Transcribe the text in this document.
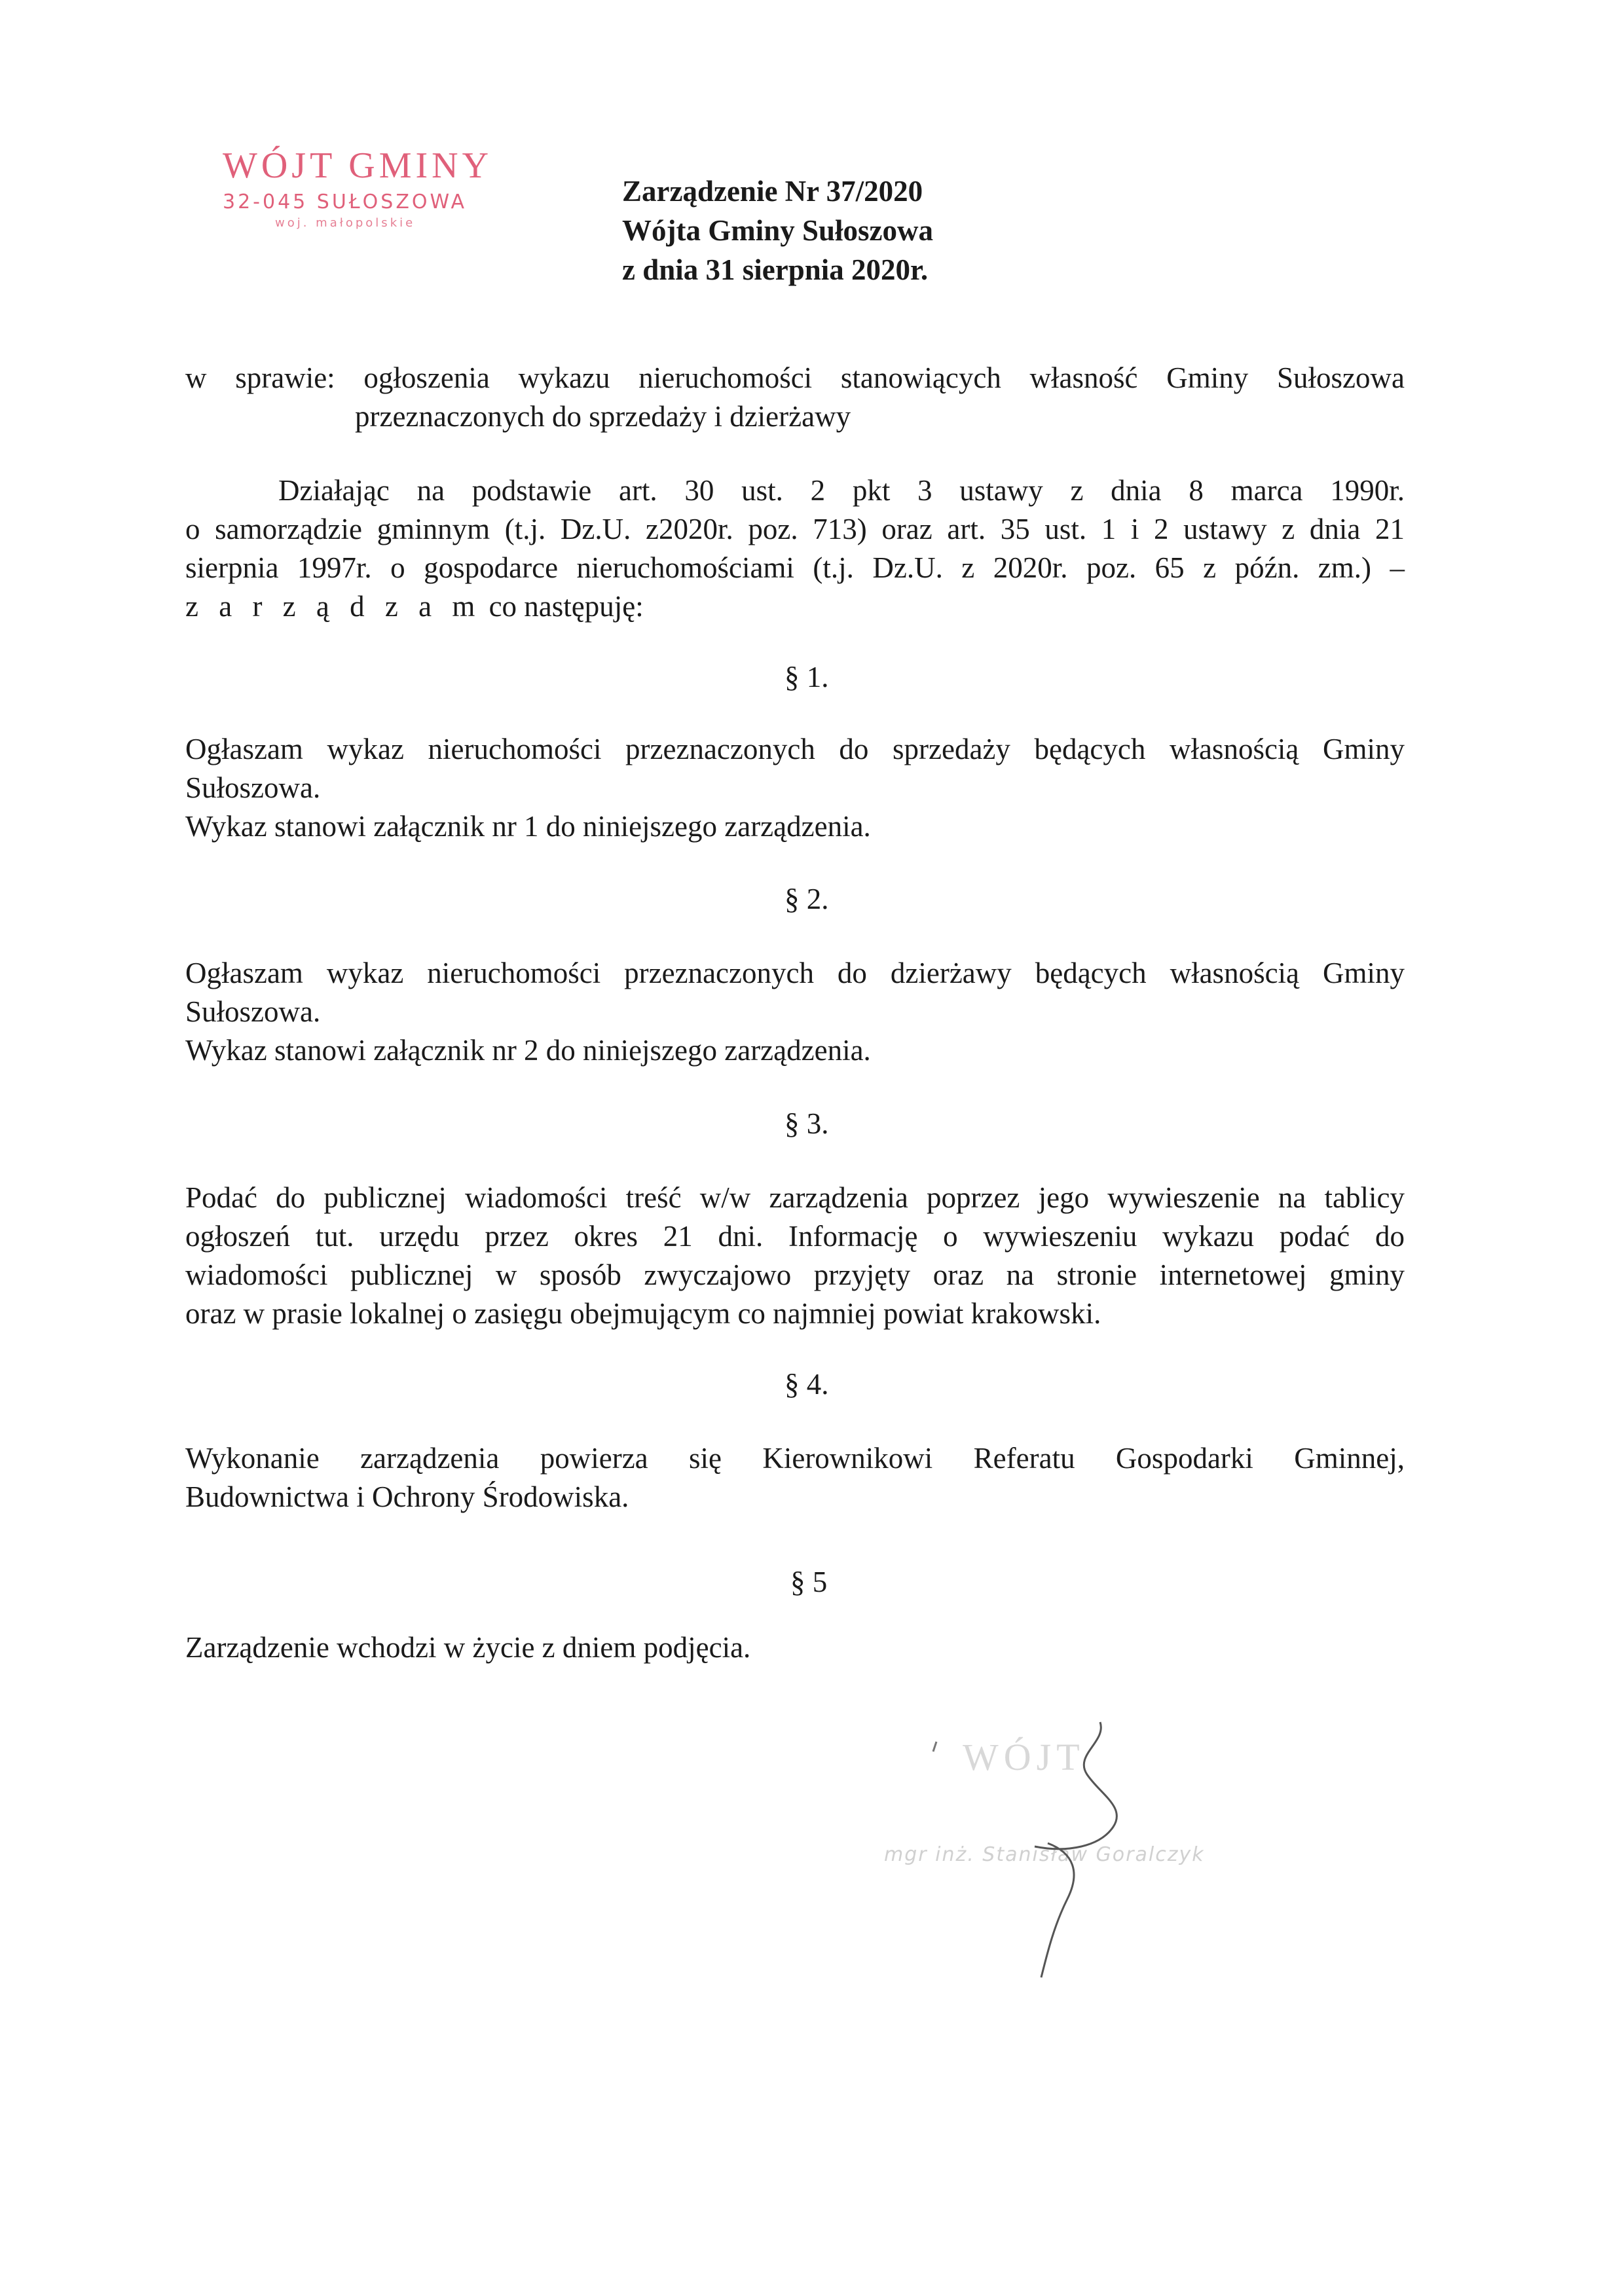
WÓJT GMINY
32-045 SUŁOSZOWA
woj. małopolskie
Zarządzenie Nr 37/2020
Wójta Gminy Sułoszowa
z dnia 31 sierpnia 2020r.
w sprawie: ogłoszenia wykazu nieruchomości stanowiących własność Gminy Sułoszowa
przeznaczonych do sprzedaży i dzierżawy
Działając na podstawie art. 30 ust. 2 pkt 3 ustawy z dnia 8 marca 1990r.
o samorządzie gminnym (t.j. Dz.U. z2020r. poz. 713) oraz art. 35 ust. 1 i 2 ustawy z dnia 21
sierpnia 1997r. o gospodarce nieruchomościami (t.j. Dz.U. z 2020r. poz. 65 z późn. zm.) –
z a r z ą d z a m co następuję:
§ 1.
Ogłaszam wykaz nieruchomości przeznaczonych do sprzedaży będących własnością Gminy
Sułoszowa.
Wykaz stanowi załącznik nr 1 do niniejszego zarządzenia.
§ 2.
Ogłaszam wykaz nieruchomości przeznaczonych do dzierżawy będących własnością Gminy
Sułoszowa.
Wykaz stanowi załącznik nr 2 do niniejszego zarządzenia.
§ 3.
Podać do publicznej wiadomości treść w/w zarządzenia poprzez jego wywieszenie na tablicy
ogłoszeń tut. urzędu przez okres 21 dni. Informację o wywieszeniu wykazu podać do
wiadomości publicznej w sposób zwyczajowo przyjęty oraz na stronie internetowej gminy
oraz w prasie lokalnej o zasięgu obejmującym co najmniej powiat krakowski.
§ 4.
Wykonanie zarządzenia powierza się Kierownikowi Referatu Gospodarki Gminnej,
Budownictwa i Ochrony Środowiska.
§ 5
Zarządzenie wchodzi w życie z dniem podjęcia.
WÓJT
mgr inż. Stanisław Goralczyk
